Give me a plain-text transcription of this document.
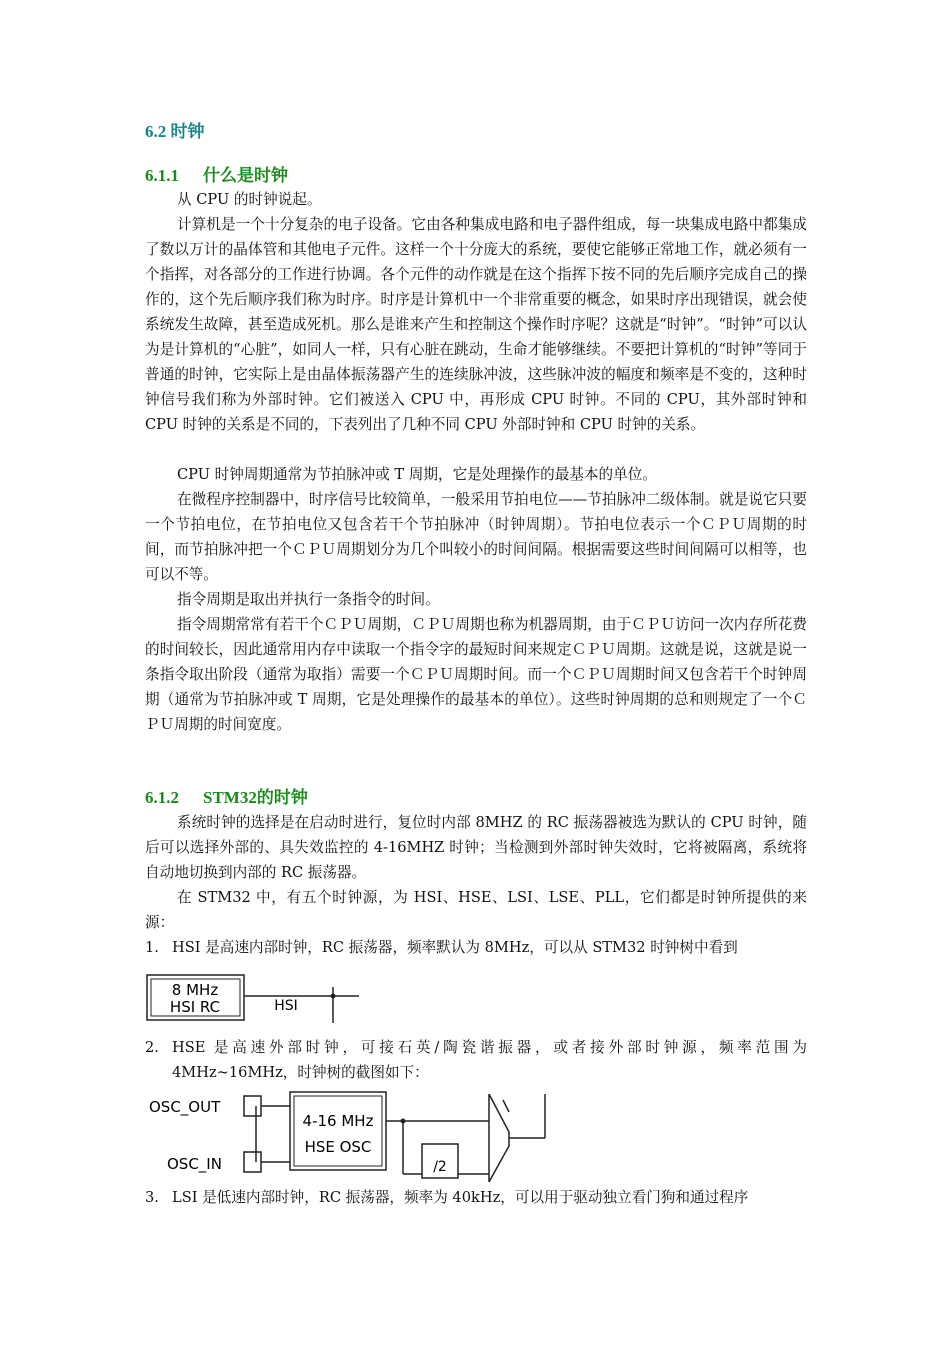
6.2 时钟
6.1.1 什么是时钟

从 CPU 的时钟说起。

计算机是一个十分复杂的电子设备。它由各种集成电路和电子器件组成，每一块集成电路中都集成了数以万计的晶体管和其他电子元件。这样一个十分庞大的系统，要使它能够正常地工作，就必须有一个指挥，对各部分的工作进行协调。各个元件的动作就是在这个指挥下按不同的先后顺序完成自己的操作的，这个先后顺序我们称为时序。时序是计算机中一个非常重要的概念，如果时序出现错误，就会使系统发生故障，甚至造成死机。那么是谁来产生和控制这个操作时序呢？这就是“时钟”。“时钟”可以认为是计算机的“心脏”，如同人一样，只有心脏在跳动，生命才能够继续。不要把计算机的“时钟”等同于普通的时钟，它实际上是由晶体振荡器产生的连续脉冲波，这些脉冲波的幅度和频率是不变的，这种时钟信号我们称为外部时钟。它们被送入 CPU 中，再形成 CPU 时钟。不同的 CPU，其外部时钟和 CPU 时钟的关系是不同的，下表列出了几种不同 CPU 外部时钟和 CPU 时钟的关系。

CPU 时钟周期通常为节拍脉冲或 T 周期，它是处理操作的最基本的单位。

在微程序控制器中，时序信号比较简单，一般采用节拍电位——节拍脉冲二级体制。就是说它只要一个节拍电位，在节拍电位又包含若干个节拍脉冲（时钟周期）。节拍电位表示一个ＣＰＵ周期的时间，而节拍脉冲把一个ＣＰＵ周期划分为几个叫较小的时间间隔。根据需要这些时间间隔可以相等，也可以不等。

指令周期是取出并执行一条指令的时间。

指令周期常常有若干个ＣＰＵ周期，ＣＰＵ周期也称为机器周期，由于ＣＰＵ访问一次内存所花费的时间较长，因此通常用内存中读取一个指令字的最短时间来规定ＣＰＵ周期。这就是说，这就是说一条指令取出阶段（通常为取指）需要一个ＣＰＵ周期时间。而一个ＣＰＵ周期时间又包含若干个时钟周期（通常为节拍脉冲或 T 周期，它是处理操作的最基本的单位）。这些时钟周期的总和则规定了一个ＣＰＵ周期的时间宽度。

6.1.2 STM32的时钟

系统时钟的选择是在启动时进行，复位时内部 8MHZ 的 RC 振荡器被选为默认的 CPU 时钟，随后可以选择外部的、具失效监控的 4-16MHZ 时钟；当检测到外部时钟失效时，它将被隔离，系统将自动地切换到内部的 RC 振荡器。

在 STM32 中，有五个时钟源，为 HSI、HSE、LSI、LSE、PLL，它们都是时钟所提供的来源：

1. HSI 是高速内部时钟，RC 振荡器，频率默认为 8MHz，可以从 STM32 时钟树中看到
8 MHz
HSI RC	HSI
2. HSE 是高速外部时钟，可接石英/陶瓷谐振器，或者接外部时钟源，频率范围为 4MHz~16MHz，时钟树的截图如下：
OSC_OUT
OSC_IN
4-16 MHz
HSE OSC
/2
3. LSI 是低速内部时钟，RC 振荡器，频率为 40kHz，可以用于驱动独立看门狗和通过程序
